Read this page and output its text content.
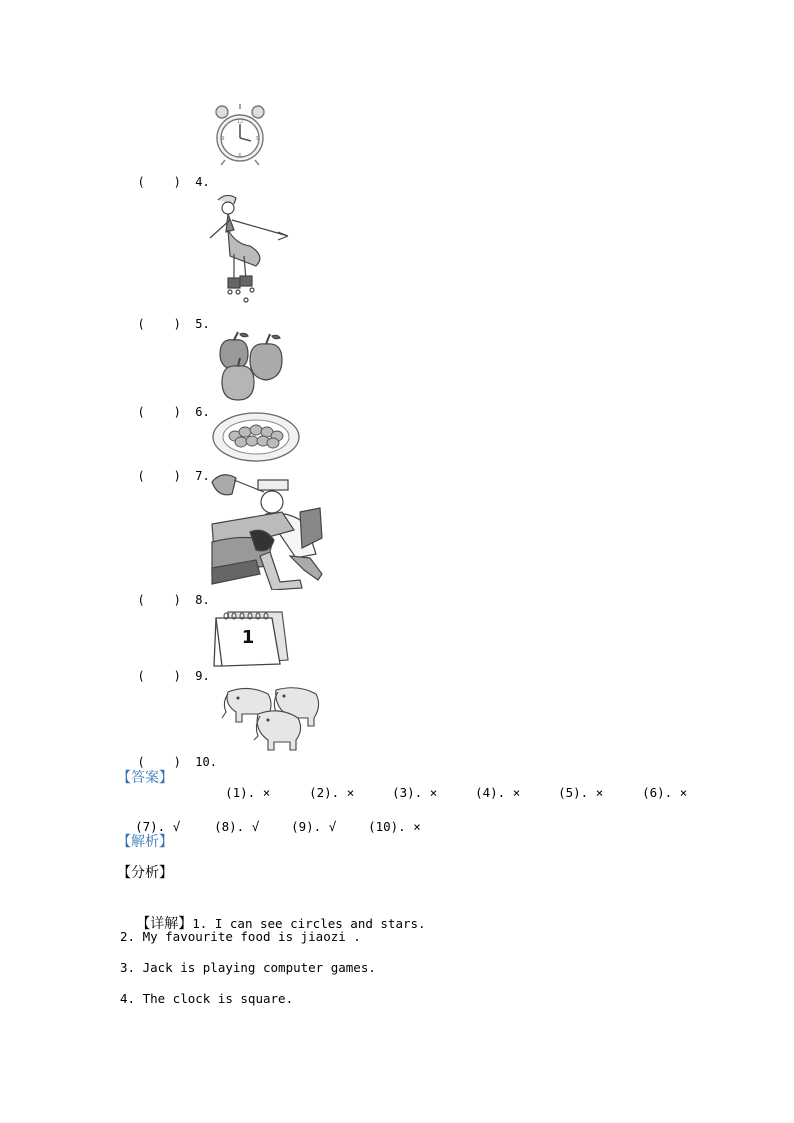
12
3
6
9
1

(    ) 4.

(    ) 5.

(    ) 6.

(    ) 7.

(    ) 8.

(    ) 9.

(    ) 10.

【答案】

(1). ×	(2). ×	(3). ×	(4). ×	(5). ×	(6). ×

(7). √	(8). √	(9). √	(10). ×

【解析】
【分析】

【详解】1. I can see circles and stars.

2. My favourite food is jiaozi .
3. Jack is playing computer games.
4. The clock is square.
